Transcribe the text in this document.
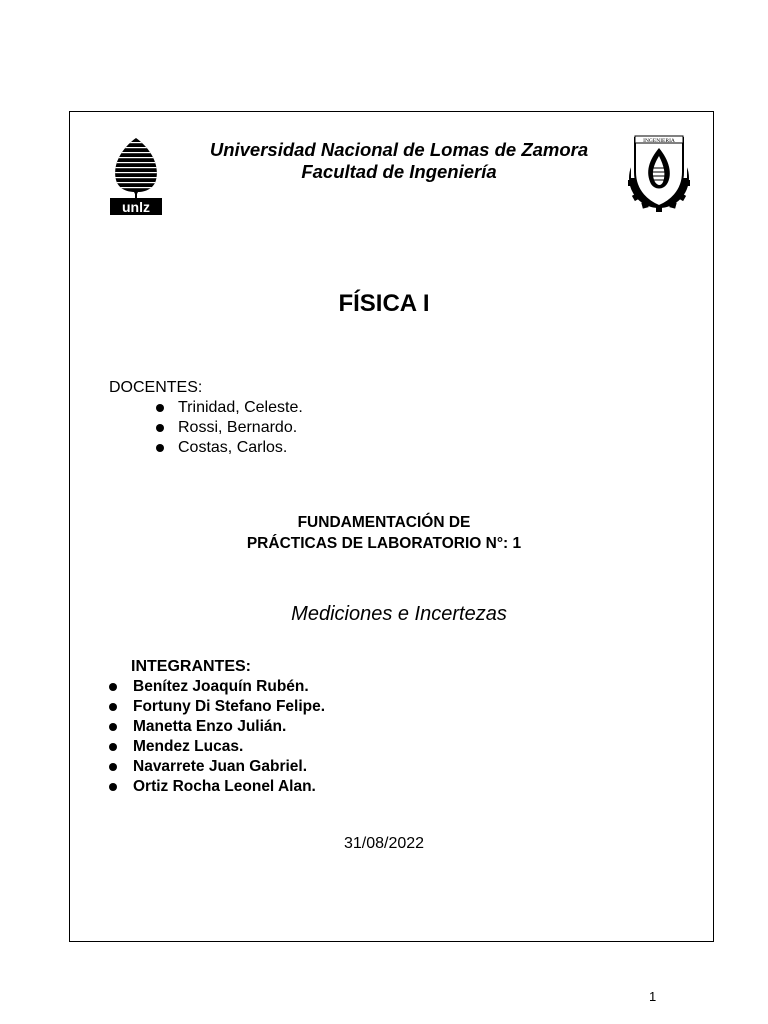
unlz
INGENIERIA
Universidad Nacional de Lomas de Zamora
Facultad de Ingeniería
FÍSICA I
DOCENTES:
Trinidad, Celeste.
Rossi, Bernardo.
Costas, Carlos.
FUNDAMENTACIÓN DE
PRÁCTICAS DE LABORATORIO N°: 1
Mediciones e Incertezas
INTEGRANTES:
Benítez Joaquín Rubén.
Fortuny Di Stefano Felipe.
Manetta Enzo Julián.
Mendez Lucas.
Navarrete Juan Gabriel.
Ortiz Rocha Leonel Alan.
31/08/2022
1
